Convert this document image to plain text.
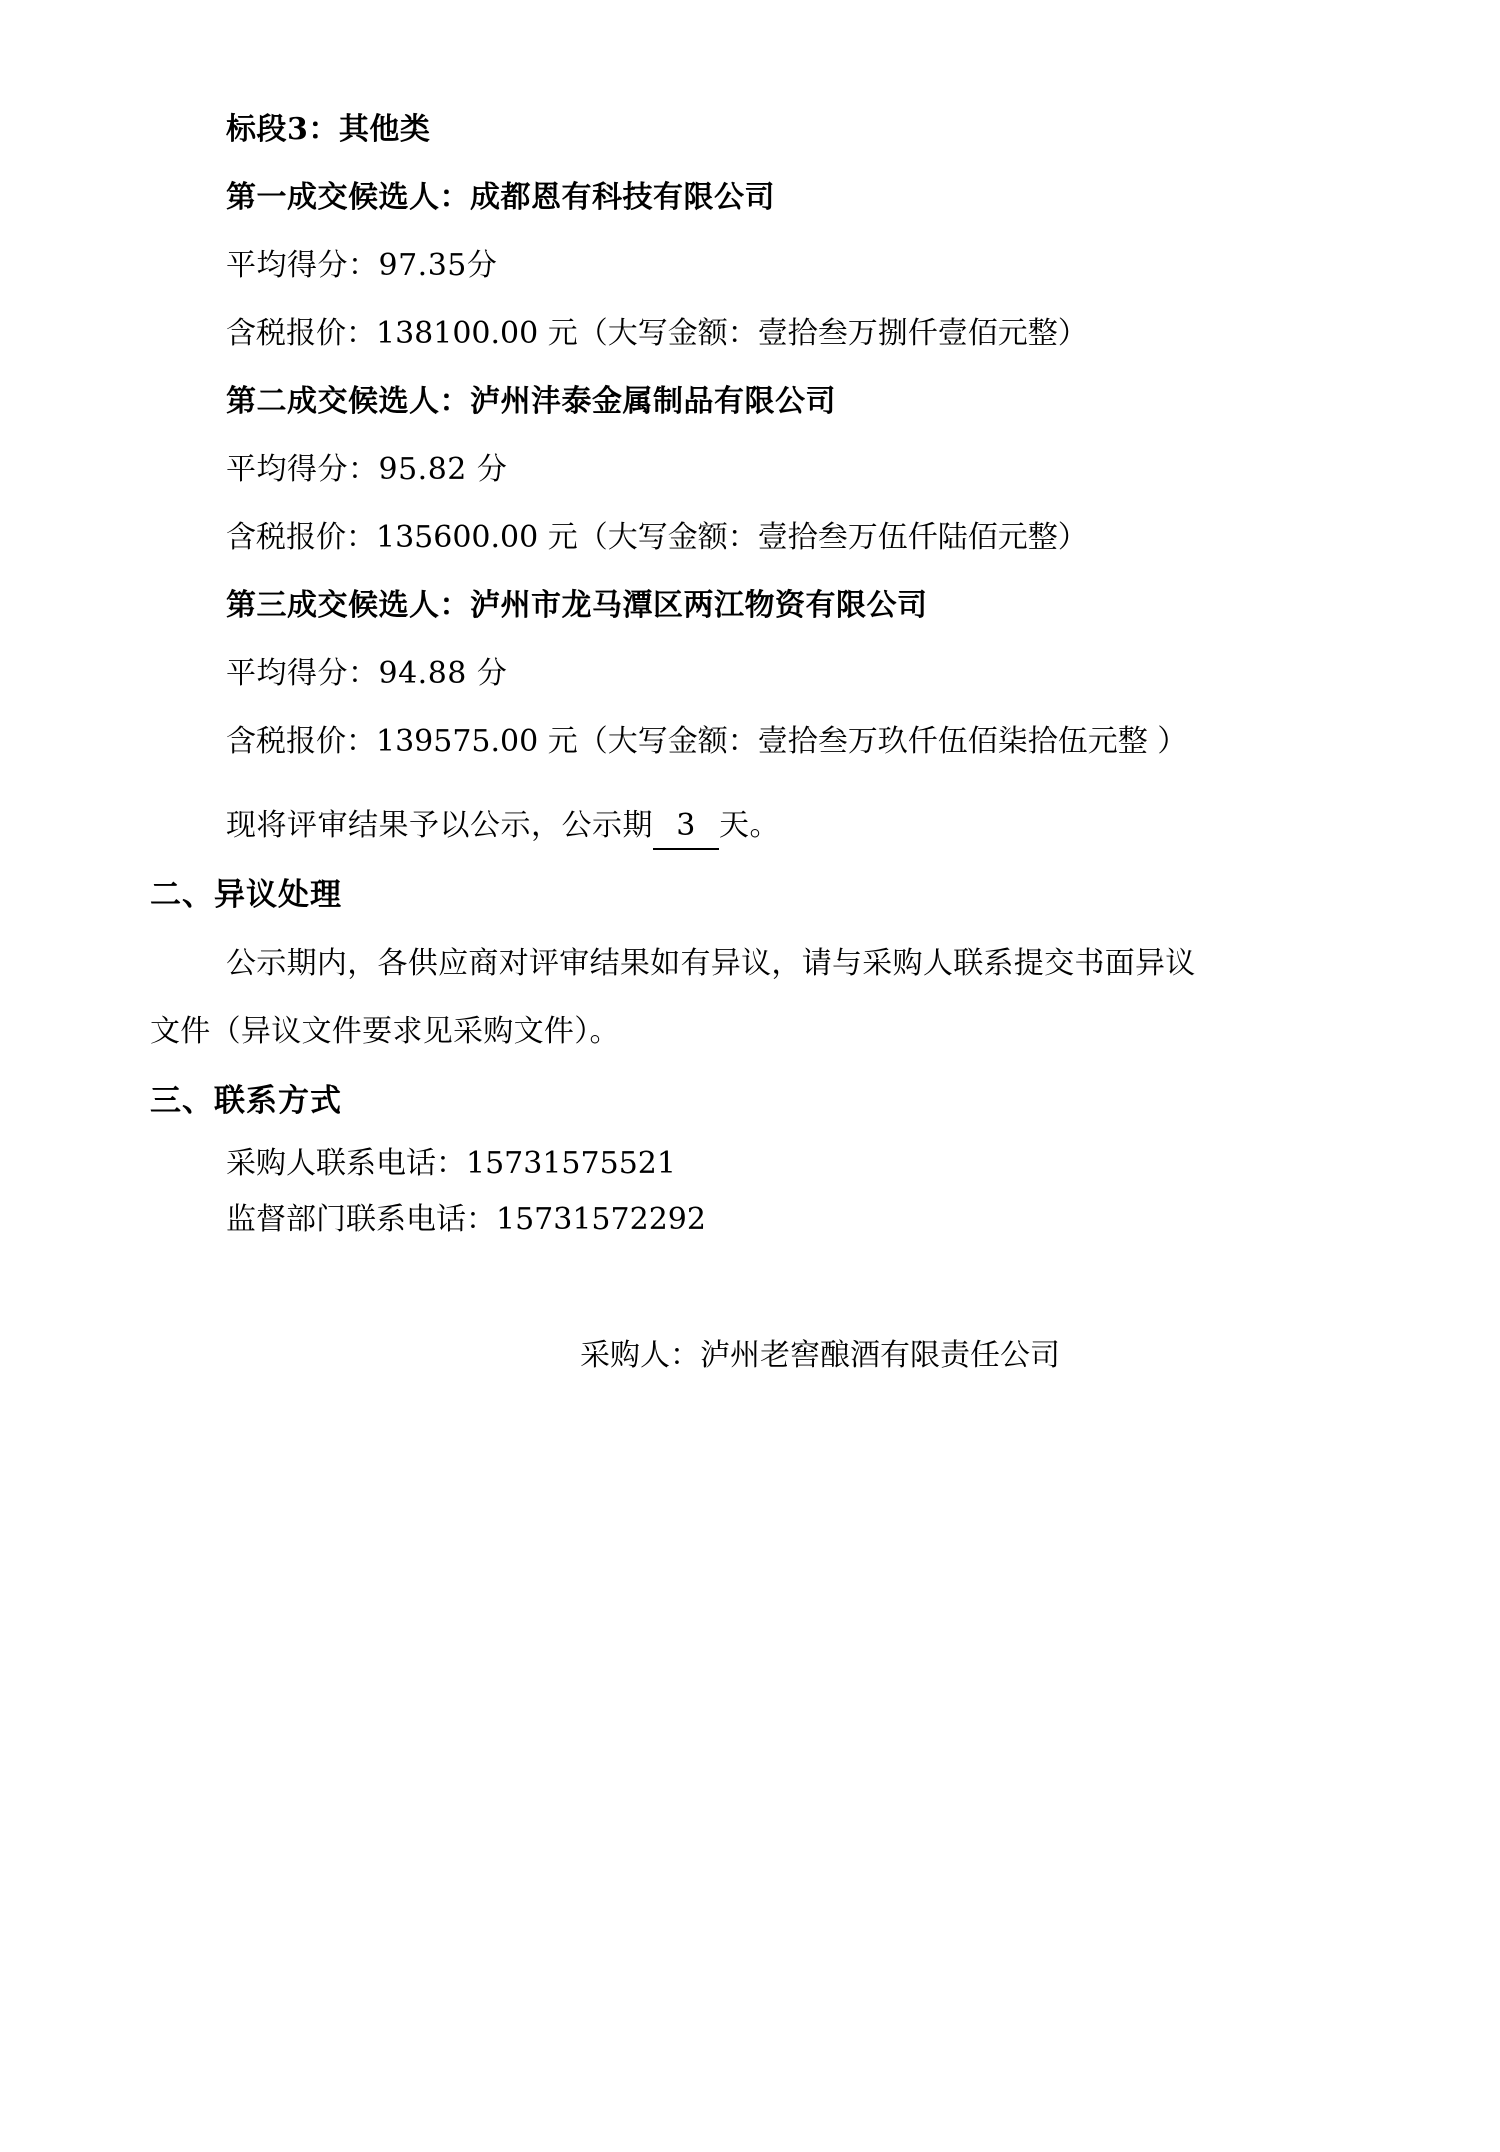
标段3：其他类
第一成交候选人：成都恩有科技有限公司
平均得分：97.35分
含税报价：138100.00 元（大写金额：壹拾叁万捌仟壹佰元整）
第二成交候选人：泸州沣泰金属制品有限公司
平均得分：95.82 分
含税报价：135600.00 元（大写金额：壹拾叁万伍仟陆佰元整）
第三成交候选人：泸州市龙马潭区两江物资有限公司
平均得分：94.88 分
含税报价：139575.00 元（大写金额：壹拾叁万玖仟伍佰柒拾伍元整 ）
现将评审结果予以公示，公示期 3 天。
二、异议处理
公示期内，各供应商对评审结果如有异议，请与采购人联系提交书面异议文件（异议文件要求见采购文件）。
三、联系方式
采购人联系电话：15731575521
监督部门联系电话：15731572292
采购人：泸州老窖酿酒有限责任公司
